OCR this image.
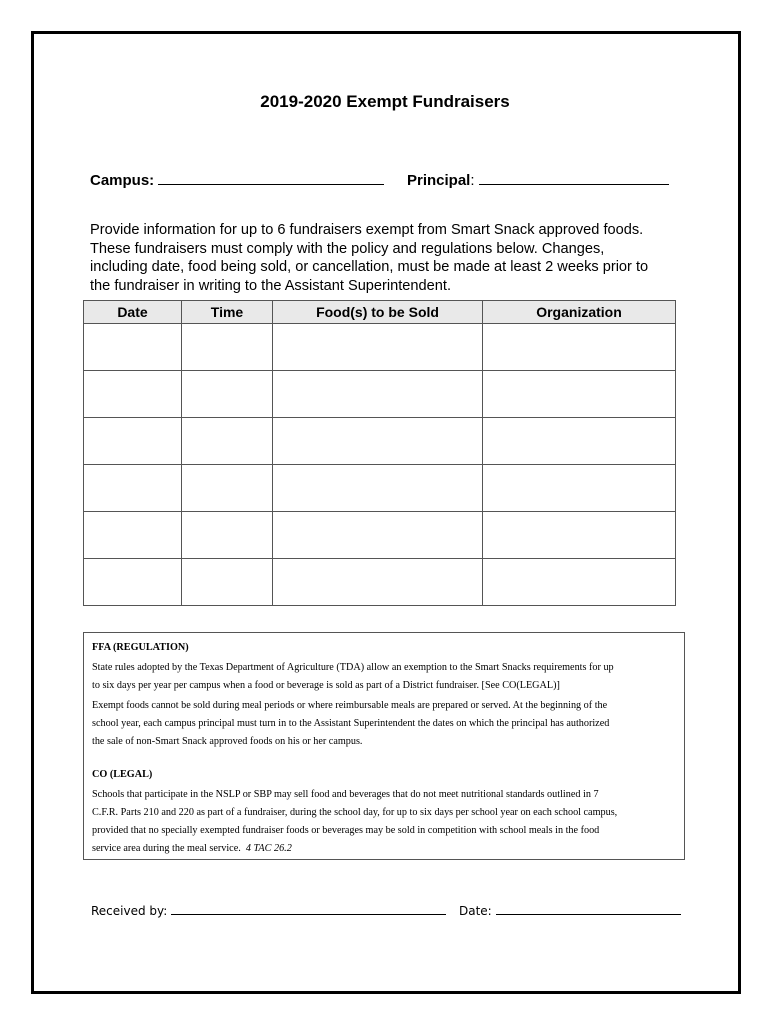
2019-2020 Exempt Fundraisers
Campus:	Principal:
Provide information for up to 6 fundraisers exempt from Smart Snack approved foods.
These fundraisers must comply with the policy and regulations below. Changes,
including date, food being sold, or cancellation, must be made at least 2 weeks prior to
the fundraiser in writing to the Assistant Superintendent.
Date	Time	Food(s) to be Sold	Organization

FFA (REGULATION)

State rules adopted by the Texas Department of Agriculture (TDA) allow an exemption to the Smart Snacks requirements for up

to six days per year per campus when a food or beverage is sold as part of a District fundraiser. [See CO(LEGAL)]

Exempt foods cannot be sold during meal periods or where reimbursable meals are prepared or served. At the beginning of the

school year, each campus principal must turn in to the Assistant Superintendent the dates on which the principal has authorized

the sale of non-Smart Snack approved foods on his or her campus.

CO (LEGAL)

Schools that participate in the NSLP or SBP may sell food and beverages that do not meet nutritional standards outlined in 7

C.F.R. Parts 210 and 220 as part of a fundraiser, during the school day, for up to six days per school year on each school campus,

provided that no specially exempted fundraiser foods or beverages may be sold in competition with school meals in the food

service area during the meal service. 4 TAC 26.2

Received by:	Date:
